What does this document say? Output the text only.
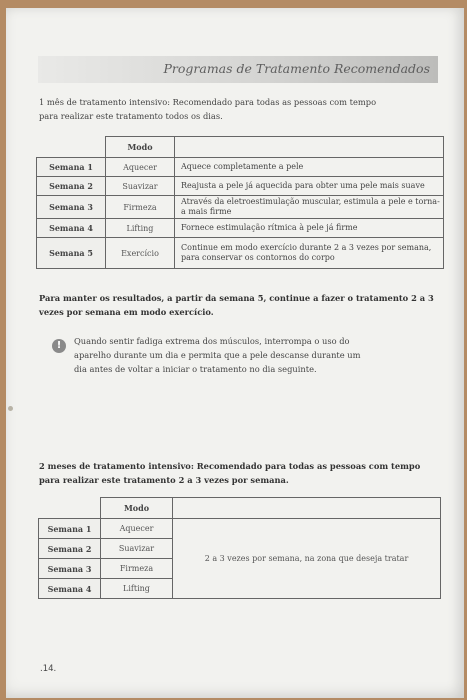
Programas de Tratamento Recomendados
1 mês de tratamento intensivo: Recomendado para todas as pessoas com tempo para realizar este tratamento todos os dias.
	Modo	
Semana 1	Aquecer	Aquece completamente a pele
Semana 2	Suavizar	Reajusta a pele já aquecida para obter uma pele mais suave
Semana 3	Firmeza	Através da eletroestimulação muscular, estimula a pele e torna-a mais firme
Semana 4	Lifting	Fornece estimulação rítmica à pele já firme
Semana 5	Exercício	Continue em modo exercício durante 2 a 3 vezes por semana, para conservar os contornos do corpo
Para manter os resultados, a partir da semana 5, continue a fazer o tratamento 2 a 3 vezes por semana em modo exercício.
!	Quando sentir fadiga extrema dos músculos, interrompa o uso do aparelho durante um dia e permita que a pele descanse durante um dia antes de voltar a iniciar o tratamento no dia seguinte.
2 meses de tratamento intensivo: Recomendado para todas as pessoas com tempo para realizar este tratamento 2 a 3 vezes por semana.
	Modo	
Semana 1	Aquecer	2 a 3 vezes por semana, na zona que deseja tratar
Semana 2	Suavizar	
Semana 3	Firmeza	
Semana 4	Lifting	
.14.
